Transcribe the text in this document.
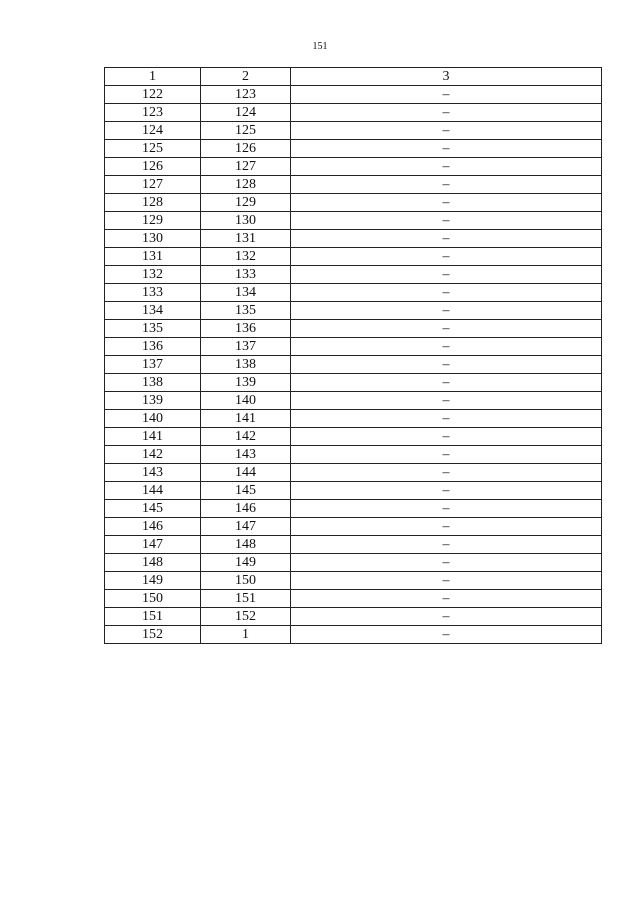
151
1	2	3
122	123	–
123	124	–
124	125	–
125	126	–
126	127	–
127	128	–
128	129	–
129	130	–
130	131	–
131	132	–
132	133	–
133	134	–
134	135	–
135	136	–
136	137	–
137	138	–
138	139	–
139	140	–
140	141	–
141	142	–
142	143	–
143	144	–
144	145	–
145	146	–
146	147	–
147	148	–
148	149	–
149	150	–
150	151	–
151	152	–
152	1	–
